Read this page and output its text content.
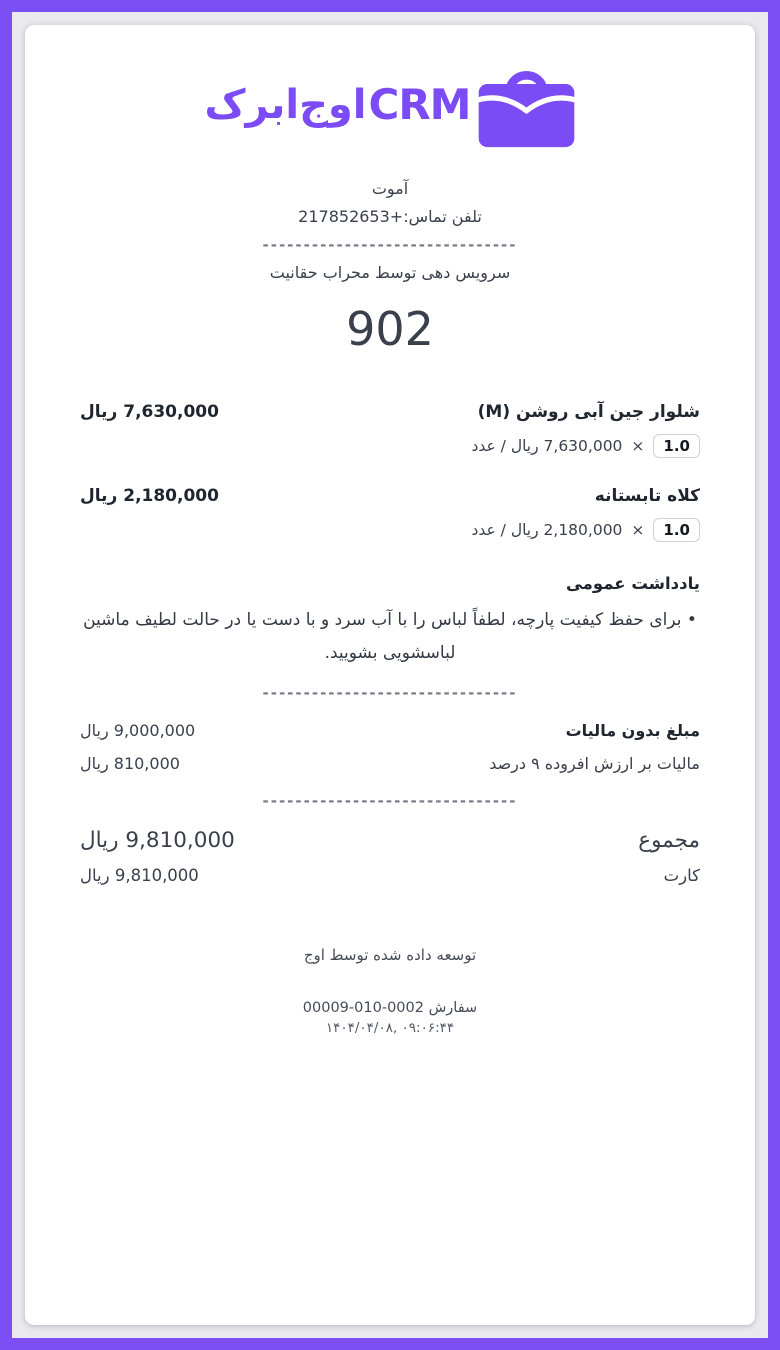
اوج‌ابرک CRM
آموت
تلفن تماس:+217852653
-------------------------------
سرویس دهی توسط محراب حقانیت
902
شلوار جین آبی روشن (M)
7,630,000 ریال
1.0
×
7,630,000 ریال / عدد
کلاه تابستانه
2,180,000 ریال
1.0
×
2,180,000 ریال / عدد
یادداشت عمومی
• برای حفظ کیفیت پارچه، لطفاً لباس را با آب سرد و با دست یا در حالت لطیف ماشین لباسشویی بشویید.
-------------------------------
مبلغ بدون مالیات
9,000,000 ریال
مالیات بر ارزش افروده ۹ درصد
810,000 ریال
-------------------------------
مجموع
9,810,000 ریال
کارت
9,810,000 ریال
توسعه داده شده توسط اوج
سفارش 0002-010-00009
۱۴۰۴/۰۴/۰۸, ۰۹:۰۶:۴۴
